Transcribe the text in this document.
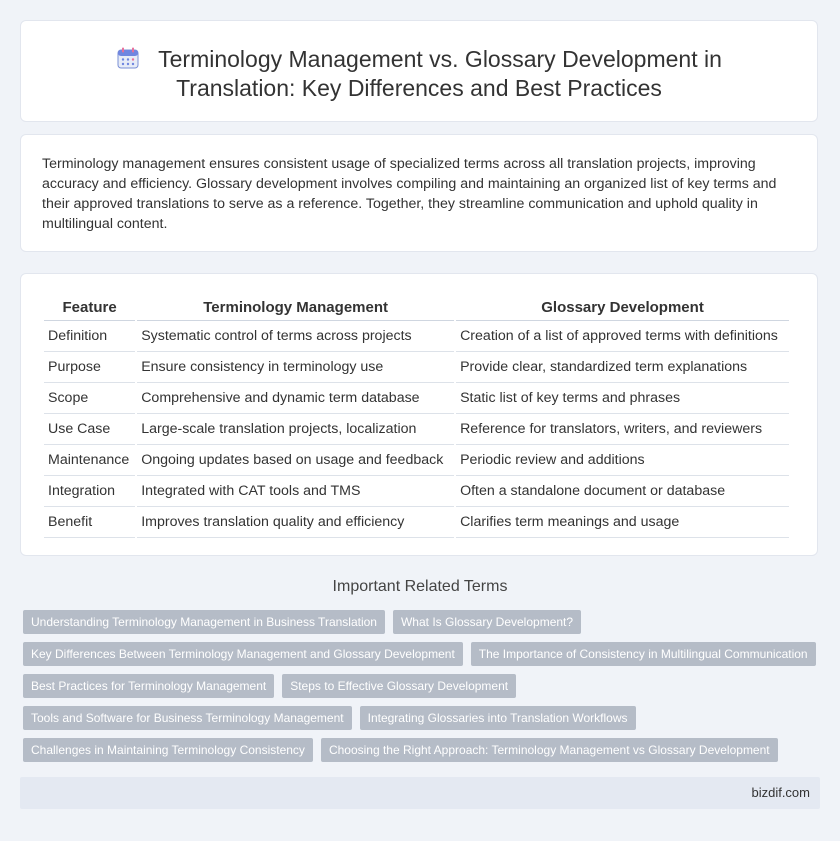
Terminology Management vs. Glossary Development in
Translation: Key Differences and Best Practices
Terminology management ensures consistent usage of specialized terms across all translation projects, improving accuracy and efficiency. Glossary development involves compiling and maintaining an organized list of key terms and their approved translations to serve as a reference. Together, they streamline communication and uphold quality in multilingual content.
Feature	Terminology Management	Glossary Development
Definition	Systematic control of terms across projects	Creation of a list of approved terms with definitions
Purpose	Ensure consistency in terminology use	Provide clear, standardized term explanations
Scope	Comprehensive and dynamic term database	Static list of key terms and phrases
Use Case	Large-scale translation projects, localization	Reference for translators, writers, and reviewers
Maintenance	Ongoing updates based on usage and feedback	Periodic review and additions
Integration	Integrated with CAT tools and TMS	Often a standalone document or database
Benefit	Improves translation quality and efficiency	Clarifies term meanings and usage
Important Related Terms
Understanding Terminology Management in Business Translation	What Is Glossary Development?
Key Differences Between Terminology Management and Glossary Development	The Importance of Consistency in Multilingual Communication
Best Practices for Terminology Management	Steps to Effective Glossary Development
Tools and Software for Business Terminology Management	Integrating Glossaries into Translation Workflows
Challenges in Maintaining Terminology Consistency	Choosing the Right Approach: Terminology Management vs Glossary Development
bizdif.com
